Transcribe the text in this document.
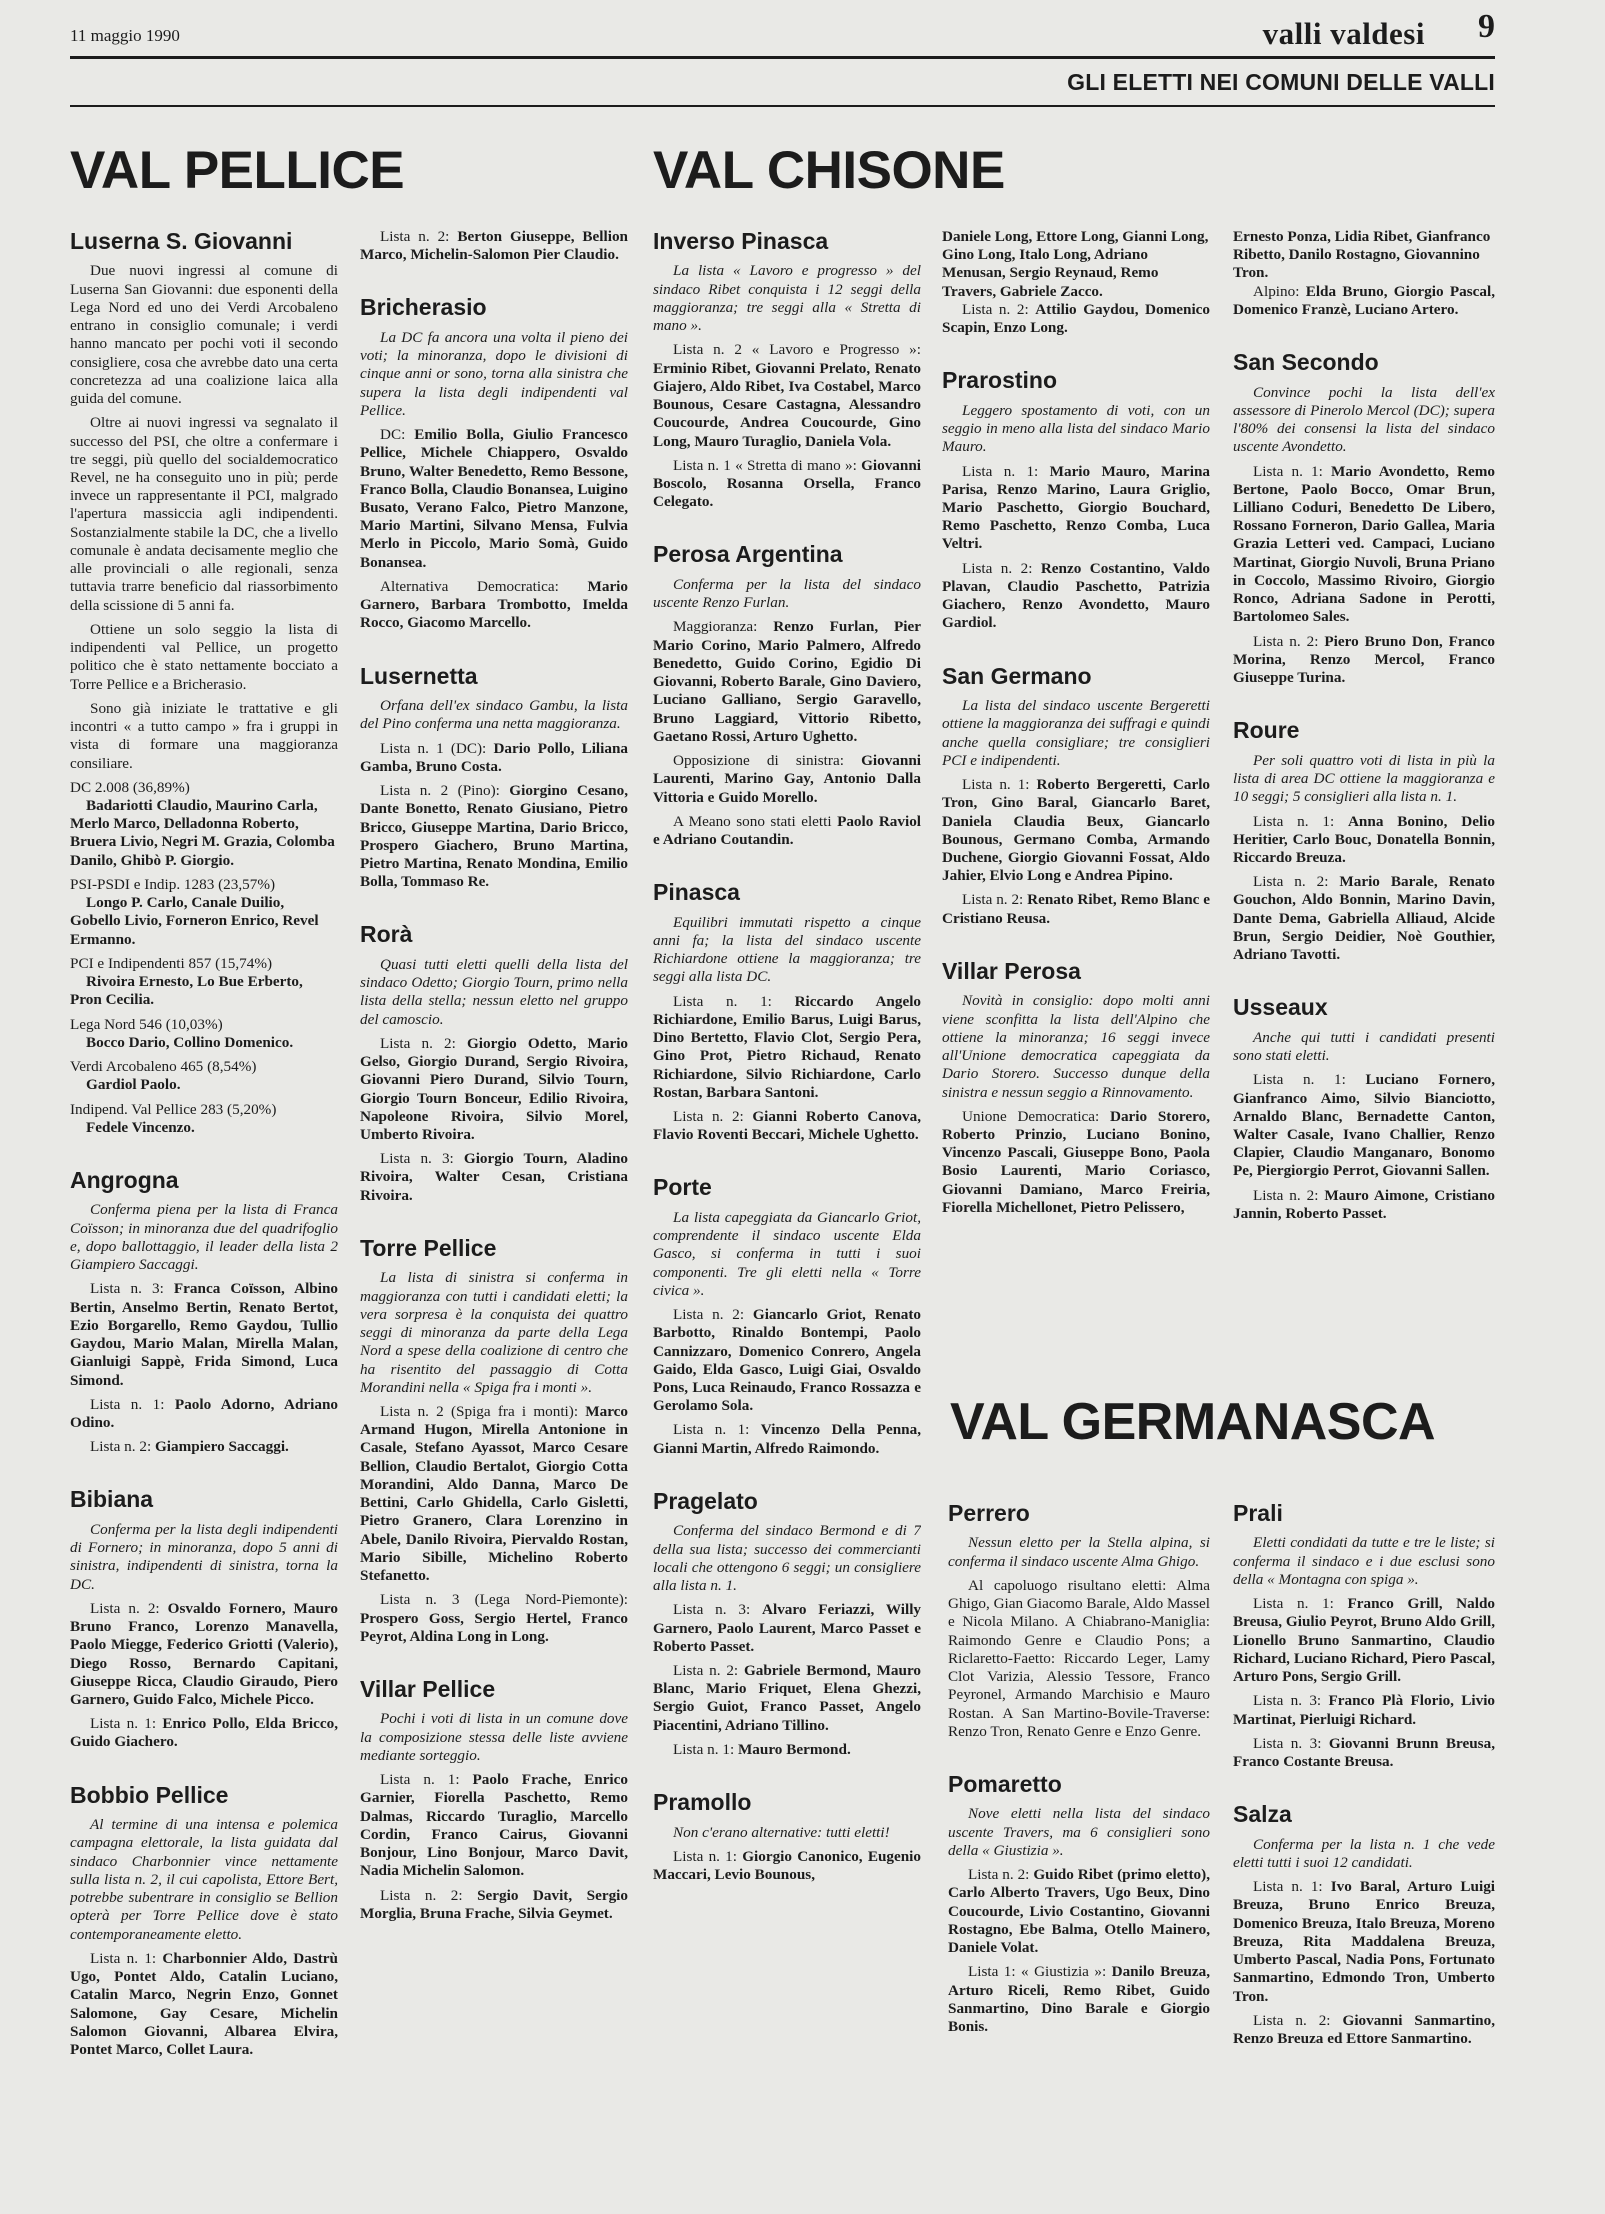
11 maggio 1990	valli valdesi 9
GLI ELETTI NEI COMUNI DELLE VALLI
VAL PELLICE	VAL CHISONE
VAL GERMANASCA
Luserna S. Giovanni

Due nuovi ingressi al comune di Luserna San Giovanni: due esponenti della Lega Nord ed uno dei Verdi Arcobaleno entrano in consiglio comunale; i verdi hanno mancato per pochi voti il secondo consigliere, cosa che avrebbe dato una certa concretezza ad una coalizione laica alla guida del comune.

Oltre ai nuovi ingressi va segnalato il successo del PSI, che oltre a confermare i tre seggi, più quello del socialdemocratico Revel, ne ha conseguito uno in più; perde invece un rappresentante il PCI, malgrado l'apertura massiccia agli indipendenti. Sostanzialmente stabile la DC, che a livello comunale è andata decisamente meglio che alle provinciali o alle regionali, senza tuttavia trarre beneficio dal riassorbimento della scissione di 5 anni fa.

Ottiene un solo seggio la lista di indipendenti val Pellice, un progetto politico che è stato nettamente bocciato a Torre Pellice e a Bricherasio.

Sono già iniziate le trattative e gli incontri « a tutto campo » fra i gruppi in vista di formare una maggioranza consiliare.

DC 2.008 (36,89%)

Badariotti Claudio, Maurino Carla, Merlo Marco, Delladonna Roberto, Bruera Livio, Negri M. Grazia, Colomba Danilo, Ghibò P. Giorgio.

PSI-PSDI e Indip. 1283 (23,57%)

Longo P. Carlo, Canale Duilio, Gobello Livio, Forneron Enrico, Revel Ermanno.

PCI e Indipendenti 857 (15,74%)

Rivoira Ernesto, Lo Bue Erberto, Pron Cecilia.

Lega Nord 546 (10,03%)

Bocco Dario, Collino Domenico.

Verdi Arcobaleno 465 (8,54%)

Gardiol Paolo.

Indipend. Val Pellice 283 (5,20%)

Fedele Vincenzo.

Angrogna

Conferma piena per la lista di Franca Coïsson; in minoranza due del quadrifoglio e, dopo ballottaggio, il leader della lista 2 Giampiero Saccaggi.

Lista n. 3: Franca Coïsson, Albino Bertin, Anselmo Bertin, Renato Bertot, Ezio Borgarello, Remo Gaydou, Tullio Gaydou, Mario Malan, Mirella Malan, Gianluigi Sappè, Frida Simond, Luca Simond.

Lista n. 1: Paolo Adorno, Adriano Odino.

Lista n. 2: Giampiero Saccaggi.

Bibiana

Conferma per la lista degli indipendenti di Fornero; in minoranza, dopo 5 anni di sinistra, indipendenti di sinistra, torna la DC.

Lista n. 2: Osvaldo Fornero, Mauro Bruno Franco, Lorenzo Manavella, Paolo Miegge, Federico Griotti (Valerio), Diego Rosso, Bernardo Capitani, Giuseppe Ricca, Claudio Giraudo, Piero Garnero, Guido Falco, Michele Picco.

Lista n. 1: Enrico Pollo, Elda Bricco, Guido Giachero.

Bobbio Pellice

Al termine di una intensa e polemica campagna elettorale, la lista guidata dal sindaco Charbonnier vince nettamente sulla lista n. 2, il cui capolista, Ettore Bert, potrebbe subentrare in consiglio se Bellion opterà per Torre Pellice dove è stato contemporaneamente eletto.

Lista n. 1: Charbonnier Aldo, Dastrù Ugo, Pontet Aldo, Catalin Luciano, Catalin Marco, Negrin Enzo, Gonnet Salomone, Gay Cesare, Michelin Salomon Giovanni, Albarea Elvira, Pontet Marco, Collet Laura.

Lista n. 2: Berton Giuseppe, Bellion Marco, Michelin-Salomon Pier Claudio.

Bricherasio

La DC fa ancora una volta il pieno dei voti; la minoranza, dopo le divisioni di cinque anni or sono, torna alla sinistra che supera la lista degli indipendenti val Pellice.

DC: Emilio Bolla, Giulio Francesco Pellice, Michele Chiappero, Osvaldo Bruno, Walter Benedetto, Remo Bessone, Franco Bolla, Claudio Bonansea, Luigino Busato, Verano Falco, Pietro Manzone, Mario Martini, Silvano Mensa, Fulvia Merlo in Piccolo, Mario Somà, Guido Bonansea.

Alternativa Democratica: Mario Garnero, Barbara Trombotto, Imelda Rocco, Giacomo Marcello.

Lusernetta

Orfana dell'ex sindaco Gambu, la lista del Pino conferma una netta maggioranza.

Lista n. 1 (DC): Dario Pollo, Liliana Gamba, Bruno Costa.

Lista n. 2 (Pino): Giorgino Cesano, Dante Bonetto, Renato Giusiano, Pietro Bricco, Giuseppe Martina, Dario Bricco, Prospero Giachero, Bruno Martina, Pietro Martina, Renato Mondina, Emilio Bolla, Tommaso Re.

Rorà

Quasi tutti eletti quelli della lista del sindaco Odetto; Giorgio Tourn, primo nella lista della stella; nessun eletto nel gruppo del camoscio.

Lista n. 2: Giorgio Odetto, Mario Gelso, Giorgio Durand, Sergio Rivoira, Giovanni Piero Durand, Silvio Tourn, Giorgio Tourn Bonceur, Edilio Rivoira, Napoleone Rivoira, Silvio Morel, Umberto Rivoira.

Lista n. 3: Giorgio Tourn, Aladino Rivoira, Walter Cesan, Cristiana Rivoira.

Torre Pellice

La lista di sinistra si conferma in maggioranza con tutti i candidati eletti; la vera sorpresa è la conquista dei quattro seggi di minoranza da parte della Lega Nord a spese della coalizione di centro che ha risentito del passaggio di Cotta Morandini nella « Spiga fra i monti ».

Lista n. 2 (Spiga fra i monti): Marco Armand Hugon, Mirella Antonione in Casale, Stefano Ayassot, Marco Cesare Bellion, Claudio Bertalot, Giorgio Cotta Morandini, Aldo Danna, Marco De Bettini, Carlo Ghidella, Carlo Gisletti, Pietro Granero, Clara Lorenzino in Abele, Danilo Rivoira, Piervaldo Rostan, Mario Sibille, Michelino Roberto Stefanetto.

Lista n. 3 (Lega Nord-Piemonte): Prospero Goss, Sergio Hertel, Franco Peyrot, Aldina Long in Long.

Villar Pellice

Pochi i voti di lista in un comune dove la composizione stessa delle liste avviene mediante sorteggio.

Lista n. 1: Paolo Frache, Enrico Garnier, Fiorella Paschetto, Remo Dalmas, Riccardo Turaglio, Marcello Cordin, Franco Cairus, Giovanni Bonjour, Lino Bonjour, Marco Davit, Nadia Michelin Salomon.

Lista n. 2: Sergio Davit, Sergio Morglia, Bruna Frache, Silvia Geymet.

Inverso Pinasca

La lista « Lavoro e progresso » del sindaco Ribet conquista i 12 seggi della maggioranza; tre seggi alla « Stretta di mano ».

Lista n. 2 « Lavoro e Progresso »: Erminio Ribet, Giovanni Prelato, Renato Giajero, Aldo Ribet, Iva Costabel, Marco Bounous, Cesare Castagna, Alessandro Coucourde, Andrea Coucourde, Gino Long, Mauro Turaglio, Daniela Vola.

Lista n. 1 « Stretta di mano »: Giovanni Boscolo, Rosanna Orsella, Franco Celegato.

Perosa Argentina

Conferma per la lista del sindaco uscente Renzo Furlan.

Maggioranza: Renzo Furlan, Pier Mario Corino, Mario Palmero, Alfredo Benedetto, Guido Corino, Egidio Di Giovanni, Roberto Barale, Gino Daviero, Luciano Galliano, Sergio Garavello, Bruno Laggiard, Vittorio Ribetto, Gaetano Rossi, Arturo Ughetto.

Opposizione di sinistra: Giovanni Laurenti, Marino Gay, Antonio Dalla Vittoria e Guido Morello.

A Meano sono stati eletti Paolo Raviol e Adriano Coutandin.

Pinasca

Equilibri immutati rispetto a cinque anni fa; la lista del sindaco uscente Richiardone ottiene la maggioranza; tre seggi alla lista DC.

Lista n. 1: Riccardo Angelo Richiardone, Emilio Barus, Luigi Barus, Dino Bertetto, Flavio Clot, Sergio Pera, Gino Prot, Pietro Richaud, Renato Richiardone, Silvio Richiardone, Carlo Rostan, Barbara Santoni.

Lista n. 2: Gianni Roberto Canova, Flavio Roventi Beccari, Michele Ughetto.

Porte

La lista capeggiata da Giancarlo Griot, comprendente il sindaco uscente Elda Gasco, si conferma in tutti i suoi componenti. Tre gli eletti nella « Torre civica ».

Lista n. 2: Giancarlo Griot, Renato Barbotto, Rinaldo Bontempi, Paolo Cannizzaro, Domenico Conrero, Angela Gaido, Elda Gasco, Luigi Giai, Osvaldo Pons, Luca Reinaudo, Franco Rossazza e Gerolamo Sola.

Lista n. 1: Vincenzo Della Penna, Gianni Martin, Alfredo Raimondo.

Pragelato

Conferma del sindaco Bermond e di 7 della sua lista; successo dei commercianti locali che ottengono 6 seggi; un consigliere alla lista n. 1.

Lista n. 3: Alvaro Feriazzi, Willy Garnero, Paolo Laurent, Marco Passet e Roberto Passet.

Lista n. 2: Gabriele Bermond, Mauro Blanc, Mario Friquet, Elena Ghezzi, Sergio Guiot, Franco Passet, Angelo Piacentini, Adriano Tillino.

Lista n. 1: Mauro Bermond.

Pramollo

Non c'erano alternative: tutti eletti!

Lista n. 1: Giorgio Canonico, Eugenio Maccari, Levio Bounous,

Daniele Long, Ettore Long, Gianni Long, Gino Long, Italo Long, Adriano Menusan, Sergio Reynaud, Remo Travers, Gabriele Zacco.

Lista n. 2: Attilio Gaydou, Domenico Scapin, Enzo Long.

Prarostino

Leggero spostamento di voti, con un seggio in meno alla lista del sindaco Mario Mauro.

Lista n. 1: Mario Mauro, Marina Parisa, Renzo Marino, Laura Griglio, Mario Paschetto, Giorgio Bouchard, Remo Paschetto, Renzo Comba, Luca Veltri.

Lista n. 2: Renzo Costantino, Valdo Plavan, Claudio Paschetto, Patrizia Giachero, Renzo Avondetto, Mauro Gardiol.

San Germano

La lista del sindaco uscente Bergeretti ottiene la maggioranza dei suffragi e quindi anche quella consigliare; tre consiglieri PCI e indipendenti.

Lista n. 1: Roberto Bergeretti, Carlo Tron, Gino Baral, Giancarlo Baret, Daniela Claudia Beux, Giancarlo Bounous, Germano Comba, Armando Duchene, Giorgio Giovanni Fossat, Aldo Jahier, Elvio Long e Andrea Pipino.

Lista n. 2: Renato Ribet, Remo Blanc e Cristiano Reusa.

Villar Perosa

Novità in consiglio: dopo molti anni viene sconfitta la lista dell'Alpino che ottiene la minoranza; 16 seggi invece all'Unione democratica capeggiata da Dario Storero. Successo dunque della sinistra e nessun seggio a Rinnovamento.

Unione Democratica: Dario Storero, Roberto Prinzio, Luciano Bonino, Vincenzo Pascali, Giuseppe Bono, Paola Bosio Laurenti, Mario Coriasco, Giovanni Damiano, Marco Freiria, Fiorella Michellonet, Pietro Pelissero,

Ernesto Ponza, Lidia Ribet, Gianfranco Ribetto, Danilo Rostagno, Giovannino Tron.

Alpino: Elda Bruno, Giorgio Pascal, Domenico Franzè, Luciano Artero.

San Secondo

Convince pochi la lista dell'ex assessore di Pinerolo Mercol (DC); supera l'80% dei consensi la lista del sindaco uscente Avondetto.

Lista n. 1: Mario Avondetto, Remo Bertone, Paolo Bocco, Omar Brun, Lilliano Coduri, Benedetto De Libero, Rossano Forneron, Dario Gallea, Maria Grazia Letteri ved. Campaci, Luciano Martinat, Giorgio Nuvoli, Bruna Priano in Coccolo, Massimo Rivoiro, Giorgio Ronco, Adriana Sadone in Perotti, Bartolomeo Sales.

Lista n. 2: Piero Bruno Don, Franco Morina, Renzo Mercol, Franco Giuseppe Turina.

Roure

Per soli quattro voti di lista in più la lista di area DC ottiene la maggioranza e 10 seggi; 5 consiglieri alla lista n. 1.

Lista n. 1: Anna Bonino, Delio Heritier, Carlo Bouc, Donatella Bonnin, Riccardo Breuza.

Lista n. 2: Mario Barale, Renato Gouchon, Aldo Bonnin, Marino Davin, Dante Dema, Gabriella Alliaud, Alcide Brun, Sergio Deidier, Noè Gouthier, Adriano Tavotti.

Usseaux

Anche qui tutti i candidati presenti sono stati eletti.

Lista n. 1: Luciano Fornero, Gianfranco Aimo, Silvio Bianciotto, Arnaldo Blanc, Bernadette Canton, Walter Casale, Ivano Challier, Renzo Clapier, Claudio Manganaro, Bonomo Pe, Piergiorgio Perrot, Giovanni Sallen.

Lista n. 2: Mauro Aimone, Cristiano Jannin, Roberto Passet.

Perrero

Nessun eletto per la Stella alpina, si conferma il sindaco uscente Alma Ghigo.

Al capoluogo risultano eletti: Alma Ghigo, Gian Giacomo Barale, Aldo Massel e Nicola Milano. A Chiabrano-Maniglia: Raimondo Genre e Claudio Pons; a Riclaretto-Faetto: Riccardo Leger, Lamy Clot Varizia, Alessio Tessore, Franco Peyronel, Armando Marchisio e Mauro Rostan. A San Martino-Bovile-Traverse: Renzo Tron, Renato Genre e Enzo Genre.

Pomaretto

Nove eletti nella lista del sindaco uscente Travers, ma 6 consiglieri sono della « Giustizia ».

Lista n. 2: Guido Ribet (primo eletto), Carlo Alberto Travers, Ugo Beux, Dino Coucourde, Livio Costantino, Giovanni Rostagno, Ebe Balma, Otello Mainero, Daniele Volat.

Lista 1: « Giustizia »: Danilo Breuza, Arturo Riceli, Remo Ribet, Guido Sanmartino, Dino Barale e Giorgio Bonis.

Prali

Eletti condidati da tutte e tre le liste; si conferma il sindaco e i due esclusi sono della « Montagna con spiga ».

Lista n. 1: Franco Grill, Naldo Breusa, Giulio Peyrot, Bruno Aldo Grill, Lionello Bruno Sanmartino, Claudio Richard, Luciano Richard, Piero Pascal, Arturo Pons, Sergio Grill.

Lista n. 3: Franco Plà Florio, Livio Martinat, Pierluigi Richard.

Lista n. 3: Giovanni Brunn Breusa, Franco Costante Breusa.

Salza

Conferma per la lista n. 1 che vede eletti tutti i suoi 12 candidati.

Lista n. 1: Ivo Baral, Arturo Luigi Breuza, Bruno Enrico Breuza, Domenico Breuza, Italo Breuza, Moreno Breuza, Rita Maddalena Breuza, Umberto Pascal, Nadia Pons, Fortunato Sanmartino, Edmondo Tron, Umberto Tron.

Lista n. 2: Giovanni Sanmartino, Renzo Breuza ed Ettore Sanmartino.
